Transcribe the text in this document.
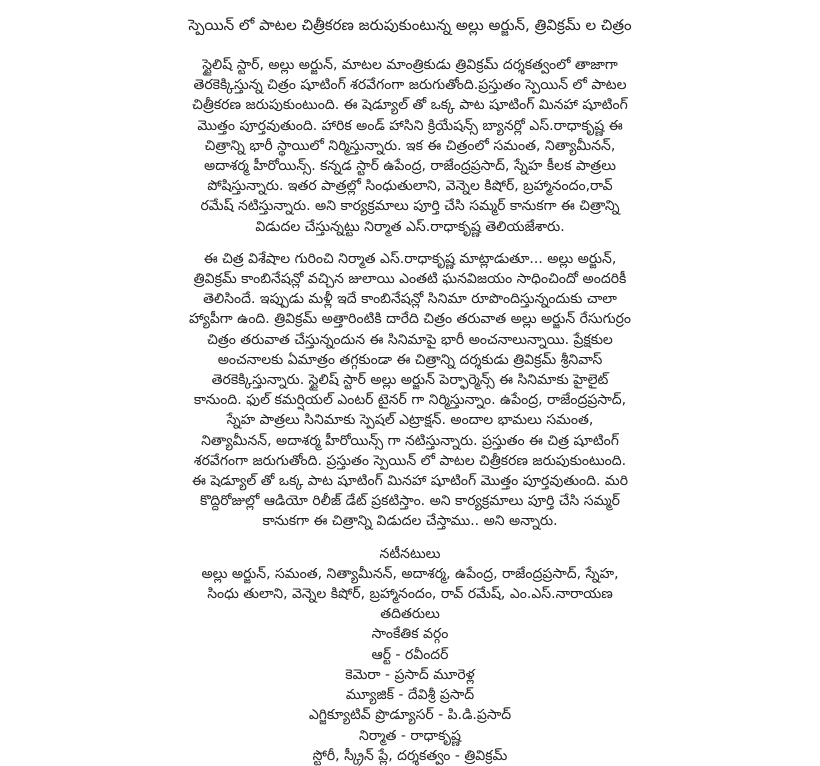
స్పెయిన్ లో పాటల చిత్రీకరణ జరుపుకుంటున్న అల్లు అర్జున్, త్రివిక్రమ్ ల చిత్రం
స్టైలిష్ స్టార్, అల్లు అర్జున్, మాటల మాంత్రికుడు త్రివిక్రమ్ దర్శకత్వంలో తాజాగా
తెరకెక్కిస్తున్న చిత్రం షూటింగ్ శరవేగంగా జరుగుతోంది.ప్రస్తుతం స్పెయిన్ లో పాటల
చిత్రీకరణ జరుపుకుంటుంది. ఈ షెడ్యూల్ తో ఒక్క పాట షూటింగ్ మినహా షూటింగ్
మొత్తం పూర్తవుతుంది. హారిక అండ్ హాసిని క్రియేషన్స్ బ్యానర్లో ఎస్.రాధాకృష్ణ ఈ
చిత్రాన్ని భారీ స్థాయిలో నిర్మిస్తున్నారు. ఇక ఈ చిత్రంలో సమంత, నిత్యామీనన్,
అదాశర్మ హీరోయిన్స్. కన్నడ స్టార్ ఉపేంద్ర, రాజేంద్రప్రసాద్, స్నేహ కీలక పాత్రలు
పోషిస్తున్నారు. ఇతర పాత్రల్లో సింధుతులాని, వెన్నెల కిషోర్, బ్రహ్మానందం,రావ్
రమేష్ నటిస్తున్నారు. అని కార్యక్రమాలు పూర్తి చేసి సమ్మర్ కానుకగా ఈ చిత్రాన్ని
విడుదల చేస్తున్నట్టు నిర్మాత ఎస్.రాధాకృష్ణ తెలియజేశారు.
ఈ చిత్ర విశేషాల గురించి నిర్మాత ఎస్.రాధాకృష్ణ మాట్లాడుతూ... అల్లు అర్జున్,
త్రివిక్రమ్ కాంబినేషన్లో వచ్చిన జులాయి ఎంతటి ఘనవిజయం సాధించిందో అందరికీ
తెలిసిందే. ఇప్పుడు మళ్లీ ఇదే కాంబినేషన్లో సినిమా రూపొందిస్తున్నందుకు చాలా
హ్యాపీగా ఉంది. త్రివిక్రమ్ అత్తారింటికి దారేది చిత్రం తరువాత అల్లు అర్జున్ రేసుగుర్రం
చిత్రం తరువాత చేస్తున్నందున ఈ సినిమాపై భారీ అంచనాలున్నాయి. ప్రేక్షకుల
అంచనాలకు ఏమాత్రం తగ్గకుండా ఈ చిత్రాన్ని దర్శకుడు త్రివిక్రమ్ శ్రీనివాస్
తెరకెక్కిస్తున్నారు. స్టైలిష్ స్టార్ అల్లు అర్జున్ పెర్ఫార్మెన్స్ ఈ సినిమాకు హైలైట్
కానుంది. ఫుల్ కమర్షియల్ ఎంటర్ టైనర్ గా నిర్మిస్తున్నాం. ఉపేంద్ర, రాజేంద్రప్రసాద్,
స్నేహ పాత్రలు సినిమాకు స్పెషల్ ఎట్రాక్షన్. అందాల భామలు సమంత,
నిత్యామీనన్, అదాశర్మ హీరోయిన్స్ గా నటిస్తున్నారు. ప్రస్తుతం ఈ చిత్ర షూటింగ్
శరవేగంగా జరుగుతోంది. ప్రస్తుతం స్పెయిన్ లో పాటల చిత్రీకరణ జరుపుకుంటుంది.
ఈ షెడ్యూల్ తో ఒక్క పాట షూటింగ్ మినహా షూటింగ్ మొత్తం పూర్తవుతుంది. మరి
కొద్దిరోజుల్లో ఆడియో రిలీజ్ డేట్ ప్రకటిస్తాం. అని కార్యక్రమాలు పూర్తి చేసి సమ్మర్
కానుకగా ఈ చిత్రాన్ని విడుదల చేస్తాము.. అని అన్నారు.
నటీనటులు
అల్లు అర్జున్, సమంత, నిత్యామీనన్, అదాశర్మ, ఉపేంద్ర, రాజేంద్రప్రసాద్, స్నేహ,
సింధు తులాని, వెన్నెల కిషోర్, బ్రహ్మానందం, రావ్ రమేష్, ఎం.ఎస్.నారాయణ
తదితరులు
సాంకేతిక వర్గం
ఆర్ట్ - రవీందర్
కెమెరా - ప్రసాద్ మూరెళ్ల
మ్యూజిక్ - దేవిశ్రీ ప్రసాద్
ఎగ్జిక్యూటివ్ ప్రొడ్యూసర్ - పి.డి.ప్రసాద్
నిర్మాత - రాధాకృష్ణ
స్టోరీ, స్క్రీన్ ప్లే, దర్శకత్వం - త్రివిక్రమ్
